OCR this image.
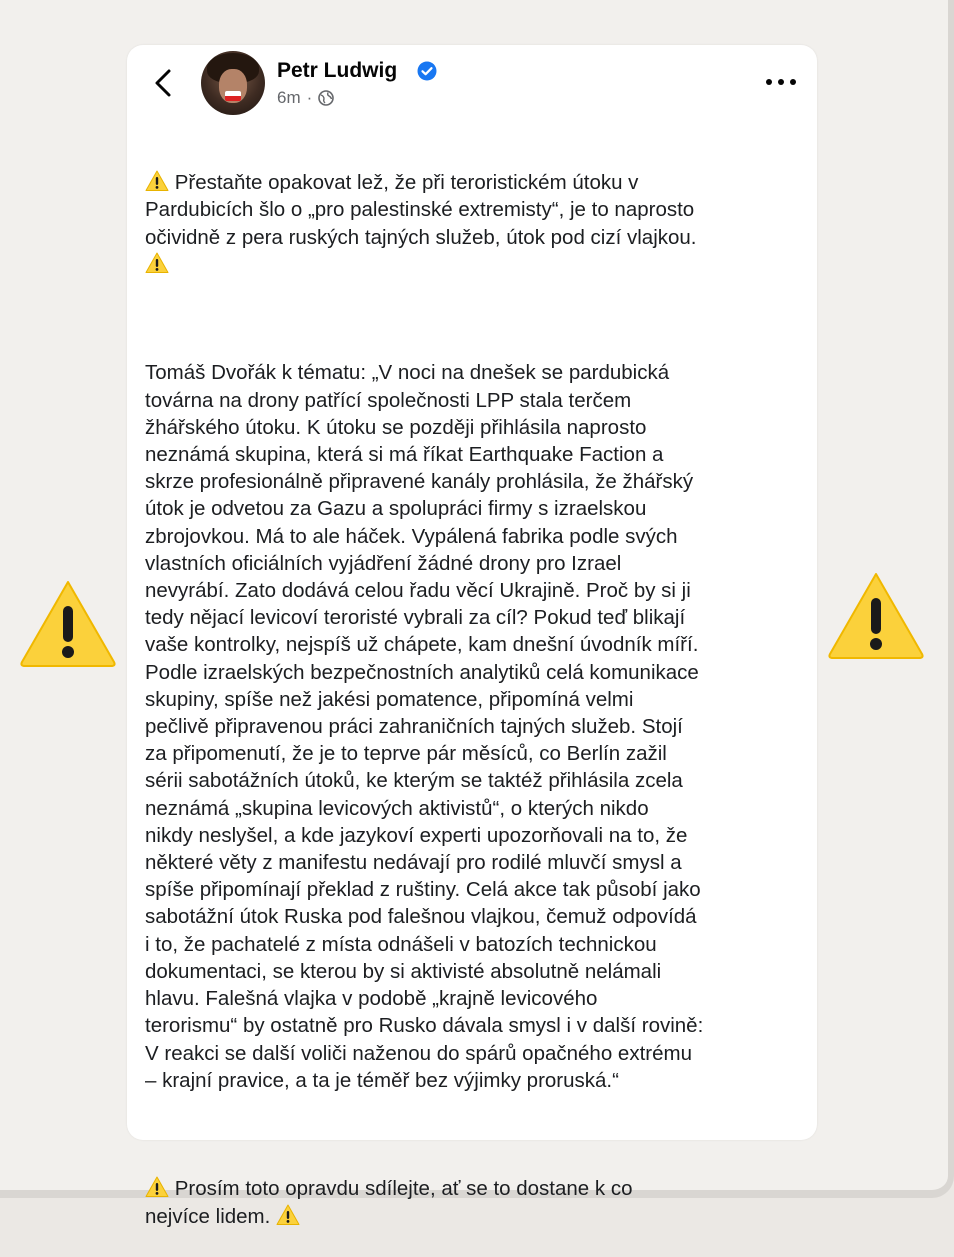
Petr Ludwig
6m ·

Přestaňte opakovat lež, že při teroristickém útoku v
Pardubicích šlo o „pro palestinské extremisty“, je to naprosto
očividně z pera ruských tajných služeb, útok pod cizí vlajkou.

Tomáš Dvořák k tématu: „V noci na dnešek se pardubická
továrna na drony patřící společnosti LPP stala terčem
žhářského útoku. K útoku se později přihlásila naprosto
neznámá skupina, která si má říkat Earthquake Faction a
skrze profesionálně připravené kanály prohlásila, že žhářský
útok je odvetou za Gazu a spolupráci firmy s izraelskou
zbrojovkou. Má to ale háček. Vypálená fabrika podle svých
vlastních oficiálních vyjádření žádné drony pro Izrael
nevyrábí. Zato dodává celou řadu věcí Ukrajině. Proč by si ji
tedy nějací levicoví teroristé vybrali za cíl? Pokud teď blikají
vaše kontrolky, nejspíš už chápete, kam dnešní úvodník míří.
Podle izraelských bezpečnostních analytiků celá komunikace
skupiny, spíše než jakési pomatence, připomíná velmi
pečlivě připravenou práci zahraničních tajných služeb. Stojí
za připomenutí, že je to teprve pár měsíců, co Berlín zažil
sérii sabotážních útoků, ke kterým se taktéž přihlásila zcela
neznámá „skupina levicových aktivistů“, o kterých nikdo
nikdy neslyšel, a kde jazykoví experti upozorňovali na to, že
některé věty z manifestu nedávají pro rodilé mluvčí smysl a
spíše připomínají překlad z ruštiny. Celá akce tak působí jako
sabotážní útok Ruska pod falešnou vlajkou, čemuž odpovídá
i to, že pachatelé z místa odnášeli v batozích technickou
dokumentaci, se kterou by si aktivisté absolutně nelámali
hlavu. Falešná vlajka v podobě „krajně levicového
terorismu“ by ostatně pro Rusko dávala smysl i v další rovině:
V reakci se další voliči naženou do spárů opačného extrému
– krajní pravice, a ta je téměř bez výjimky proruská.“

Prosím toto opravdu sdílejte, ať se to dostane k co
nejvíce lidem.
